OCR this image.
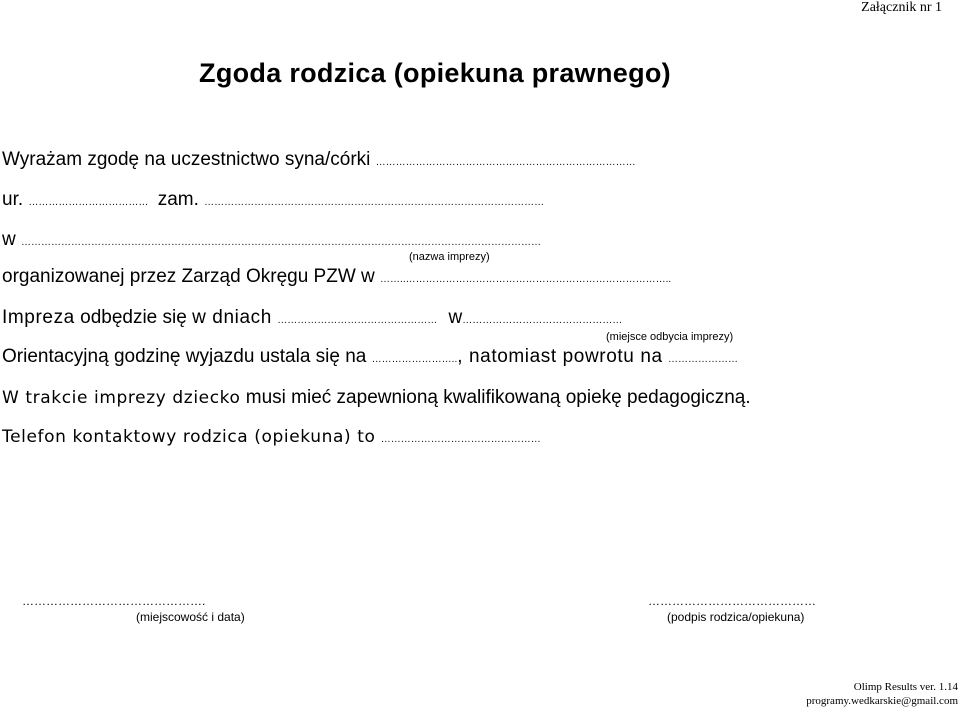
Załącznik nr 1
Zgoda rodzica (opiekuna prawnego)
Wyrażam zgodę na uczestnictwo syna/córki ……………………………………………………………………
ur. ……………………………… zam. …………………………………………………………………………………………
w …………………………………………………………………………………………………………………………………………
(nazwa imprezy)
organizowanej przez Zarząd Okręgu PZW w ……..……………………………………………………………………..
Impreza odbędzie się w dniach ………………………………………… w…………………………………………
(miejsce odbycia imprezy)
Orientacyjną godzinę wyjazdu ustala się na …………………….., natomiast powrotu na …………………
W trakcie imprezy dziecko musi mieć zapewnioną kwalifikowaną opiekę pedagogiczną.
Telefon kontaktowy rodzica (opiekuna) to …………………………………………
……………………………………….
(miejscowość i data)
……………………………………
(podpis rodzica/opiekuna)
Olimp Results ver. 1.14
programy.wedkarskie@gmail.com
